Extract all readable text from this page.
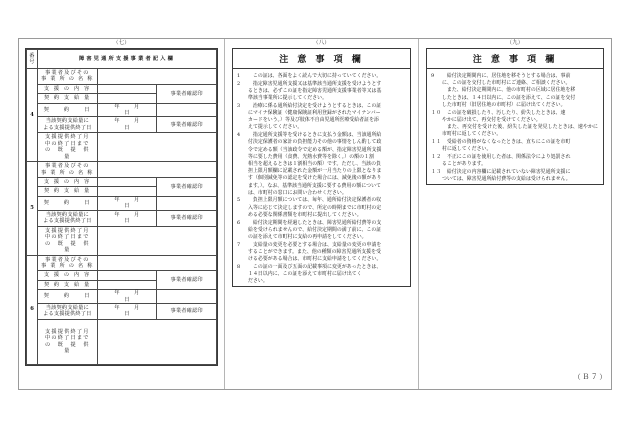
（七）
番
号	障害児通所支援事業者記入欄		
4	事業者及びその
事 業 所 の 名 称		
	支 援 の 内 容		事業者確認印
	契 約 支 給 量		
	契　　約　　日	年 月日	
	当該契約支給量に
よる支援提供終了日	年 月日	事業者確認印
	支援提供終了月
中の終了日まで
の　既　提　供　量		
5	事業者及びその
事 業 所 の 名 称		
	支 援 の 内 容		事業者確認印
	契 約 支 給 量		
	契　　約　　日	年 月日	
	当該契約支給量に
よる支援提供終了日	年 月日	事業者確認印
	支援提供終了月
中の終了日まで
の　既　提　供　量		
6	事業者及びその
事 業 所 の 名 称		
	支 援 の 内 容		事業者確認印
	契 約 支 給 量		
	契　　約　　日	年 月日	
	当該契約支給量に
よる支援提供終了日	年 月日	事業者確認印
	支援提供終了月
中の終了日まで
の　既　提　供　量		
（八）
注 意 事 項 欄
1	この証は、各面をよく読んで大切に持っていてください。

2	指定障害児通所支援又は基準該当通所支援を受けようとす

るときは、必ずこの証を指定障害児通所支援事業者等又は基

準該当事業所に提示してください。

3	治療に係る通所給付決定を受けようとするときは、この証

にマイナ保険証（健康保険証利用登録がされたマイナンバー

カードをいう。）等及び肢体不自由児通所医療受給者証を添

えて提示してください。

4	指定通所支援等を受けるときに支払う金額は、当該通所給

付決定保護者の家計の負担能力その他の事情をしん酌して政

令で定める額（当該政令で定める額が、指定障害児通所支援

等に要した費用（食費、光熱水費等を除く。）の額の１割

相当を超えるときは１割相当の額）です。ただし、当該の負

担上限月額欄に記載された金額が一月当たりの上限となりま

す（個別減免等の認定を受けた場合には、減免後の額があり

ます。）。なお、基準該当通所支援に要する費用の額について

は、市町村の窓口にお問い合わせください。

5	負担上限月額については、毎年、通所給付決定保護者の収

入等に応じて決定しますので、所定の時期までに市町村の定

める必要な関係書類を市町村に提出してください。

6	給付決定期間を経過したときは、障害児通所給付費等の支

給を受けられませんので、給付決定期間の満了前に、この証

の証を添えて市町村に支給の再申請をしてください。

7	支給量の変更を必要とする場合は、支給量の変更の申請を

することができます。また、他の種類の障害児通所支援を受

ける必要がある場合は、市町村に支給申請をしてください。

8	この証の一面及び五面の記載事項に変更があったときは、

１４日以内に、この証を添えて市町村に届け出てく

ださい。

（九）
注 意 事 項 欄
9	給付決定期間内に、居住地を移そうとする場合は、事前

に、この証を交付した市町村にご連絡、ご相談ください。

また、給付決定期間内に、他の市町村の区域に居住地を移

したときは、１４日以内に、この証を添えて、この証を交付

した市町村（旧居住地の市町村）に届け出てください。

１０	この証を破損したり、汚したり、紛失したときは、速

やかに届け出て、再交付を受けてください。

また、再交付を受けた後、紛失した証を発見したときは、速やかに市町村に返してください。

１１	受給者の資格がなくなったときは、直ちにこの証を市町

村に返してください。

１２	不正にこの証を使用した者は、関係法令により処罰され

ることがあります。

１３	給付決定の内容欄に記載されていない障害児通所支援に

ついては、障害児通所給付費等の支給は受けられません。

（Ｂ７）
